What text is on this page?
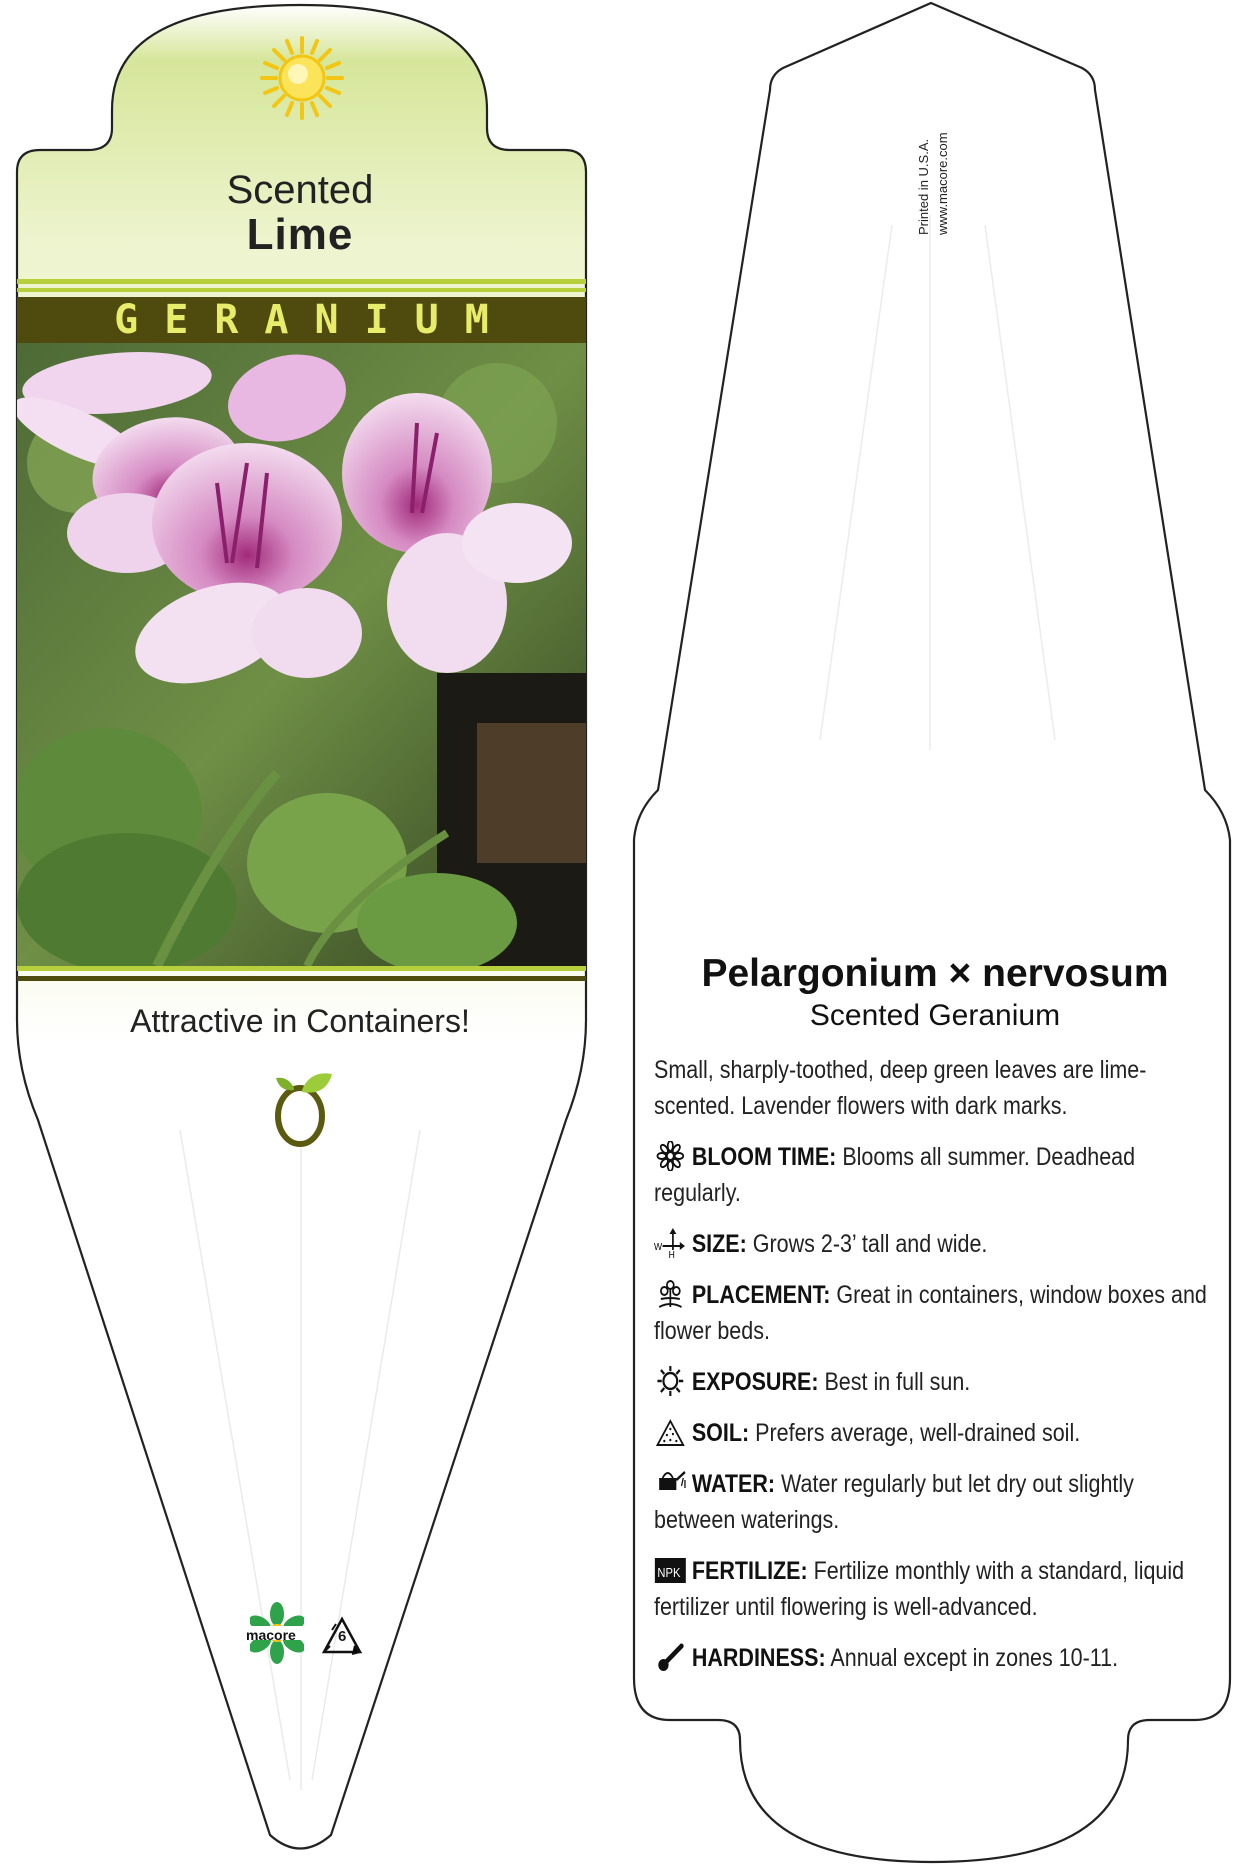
Scented
Lime
GERANIUM
Attractive in Containers!
macore	6
Printed in U.S.A. www.macore.com
Pelargonium × nervosum
Scented Geranium

Small, sharply-toothed, deep green leaves are lime-scented. Lavender flowers with dark marks.

BLOOM TIME: Blooms all summer. Deadhead regularly.

W
H SIZE: Grows 2-3’ tall and wide.

PLACEMENT: Great in containers, window boxes and flower beds.

EXPOSURE: Best in full sun.

SOIL: Prefers average, well-drained soil.

WATER: Water regularly but let dry out slightly between waterings.

NPK FERTILIZE: Fertilize monthly with a standard, liquid fertilizer until flowering is well-advanced.

HARDINESS: Annual except in zones 10-11.
